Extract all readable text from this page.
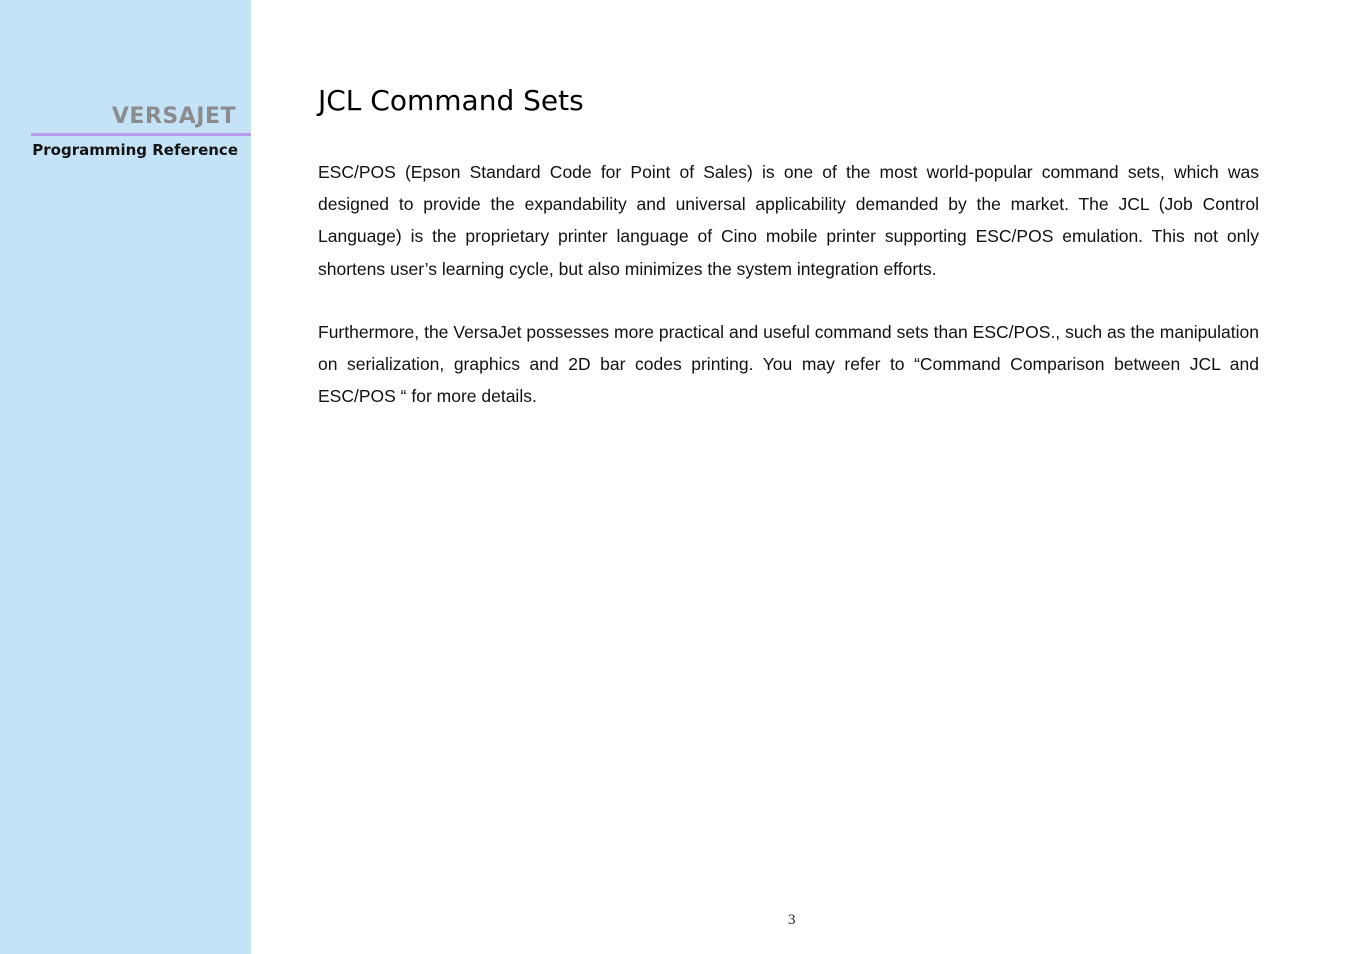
VERSAJET
Programming Reference
JCL Command Sets

ESC/POS (Epson Standard Code for Point of Sales) is one of the most world-popular command sets, which was designed to provide the expandability and universal applicability demanded by the market. The JCL (Job Control Language) is the proprietary printer language of Cino mobile printer supporting ESC/POS emulation. This not only shortens user’s learning cycle, but also minimizes the system integration efforts.

Furthermore, the VersaJet possesses more practical and useful command sets than ESC/POS., such as the manipulation on serialization, graphics and 2D bar codes printing. You may refer to “Command Comparison between JCL and ESC/POS “ for more details.

3
